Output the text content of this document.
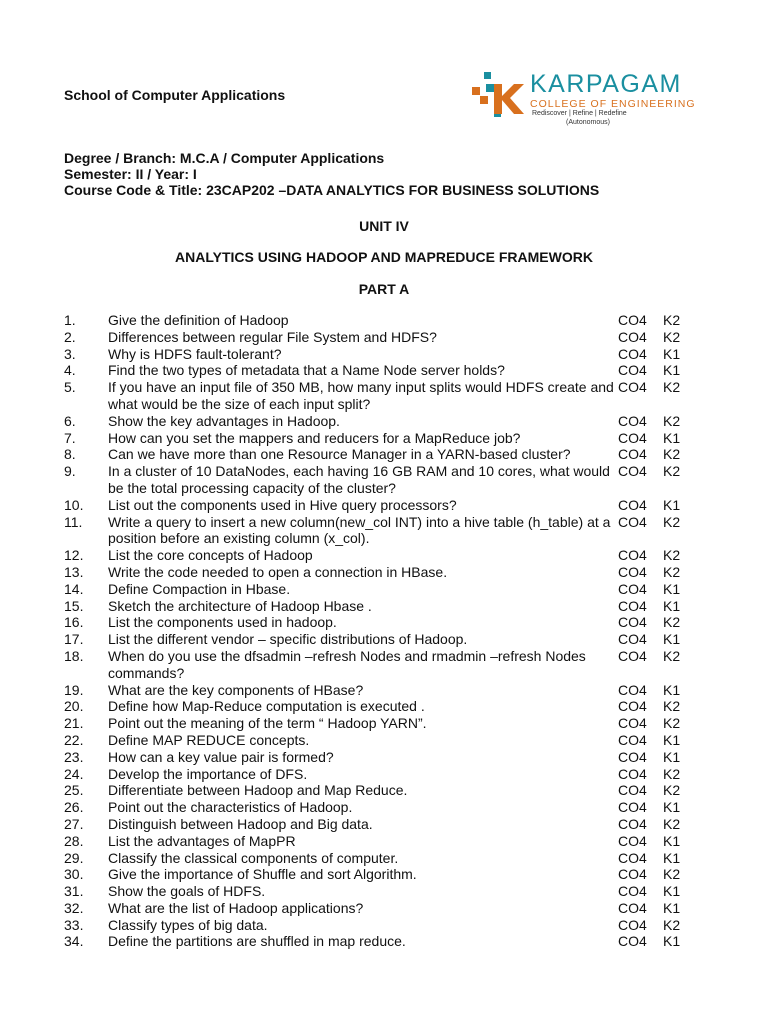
School of Computer Applications	KARPAGAM
COLLEGE OF ENGINEERING
Rediscover | Refine | Redefine
(Autonomous)
Degree / Branch: M.C.A / Computer Applications
Semester: II / Year: I
Course Code & Title: 23CAP202 –DATA ANALYTICS FOR BUSINESS SOLUTIONS
UNIT IV
ANALYTICS USING HADOOP AND MAPREDUCE FRAMEWORK
PART A
1.	Give the definition of Hadoop	CO4	K2
2.	Differences between regular File System and HDFS?	CO4	K2
3.	Why is HDFS fault-tolerant?	CO4	K1
4.	Find the two types of metadata that a Name Node server holds?	CO4	K1
5.	If you have an input file of 350 MB, how many input splits would HDFS create and what would be the size of each input split?
CO4	K2
6.	Show the key advantages in Hadoop.	CO4	K2
7.	How can you set the mappers and reducers for a MapReduce job?	CO4	K1
8.	Can we have more than one Resource Manager in a YARN-based cluster?	CO4	K2
9.	In a cluster of 10 DataNodes, each having 16 GB RAM and 10 cores, what would be the total processing capacity of the cluster?
CO4	K2
10.	List out the components used in Hive query processors?	CO4	K1
11.	Write a query to insert a new column(new_col INT) into a hive table (h_table) at a position before an existing column (x_col).
CO4	K2
12.	List the core concepts of Hadoop	CO4	K2
13.	Write the code needed to open a connection in HBase.	CO4	K2
14.	Define Compaction in Hbase.	CO4	K1
15.	Sketch the architecture of Hadoop Hbase .	CO4	K1
16.	List the components used in hadoop.	CO4	K2
17.	List the different vendor – specific distributions of Hadoop.	CO4	K1
18.	When do you use the dfsadmin –refresh Nodes and rmadmin –refresh Nodes commands?
CO4	K2
19.	What are the key components of HBase?	CO4	K1
20.	Define how Map-Reduce computation is executed .	CO4	K2
21.	Point out the meaning of the term “ Hadoop YARN”.	CO4	K2
22.	Define MAP REDUCE concepts.	CO4	K1
23.	How can a key value pair is formed?	CO4	K1
24.	Develop the importance of DFS.	CO4	K2
25.	Differentiate between Hadoop and Map Reduce.	CO4	K2
26.	Point out the characteristics of Hadoop.	CO4	K1
27.	Distinguish between Hadoop and Big data.	CO4	K2
28.	List the advantages of MapPR	CO4	K1
29.	Classify the classical components of computer.	CO4	K1
30.	Give the importance of Shuffle and sort Algorithm.	CO4	K2
31.	Show the goals of HDFS.	CO4	K1
32.	What are the list of Hadoop applications?	CO4	K1
33.	Classify types of big data.	CO4	K2
34.	Define the partitions are shuffled in map reduce.	CO4	K1
